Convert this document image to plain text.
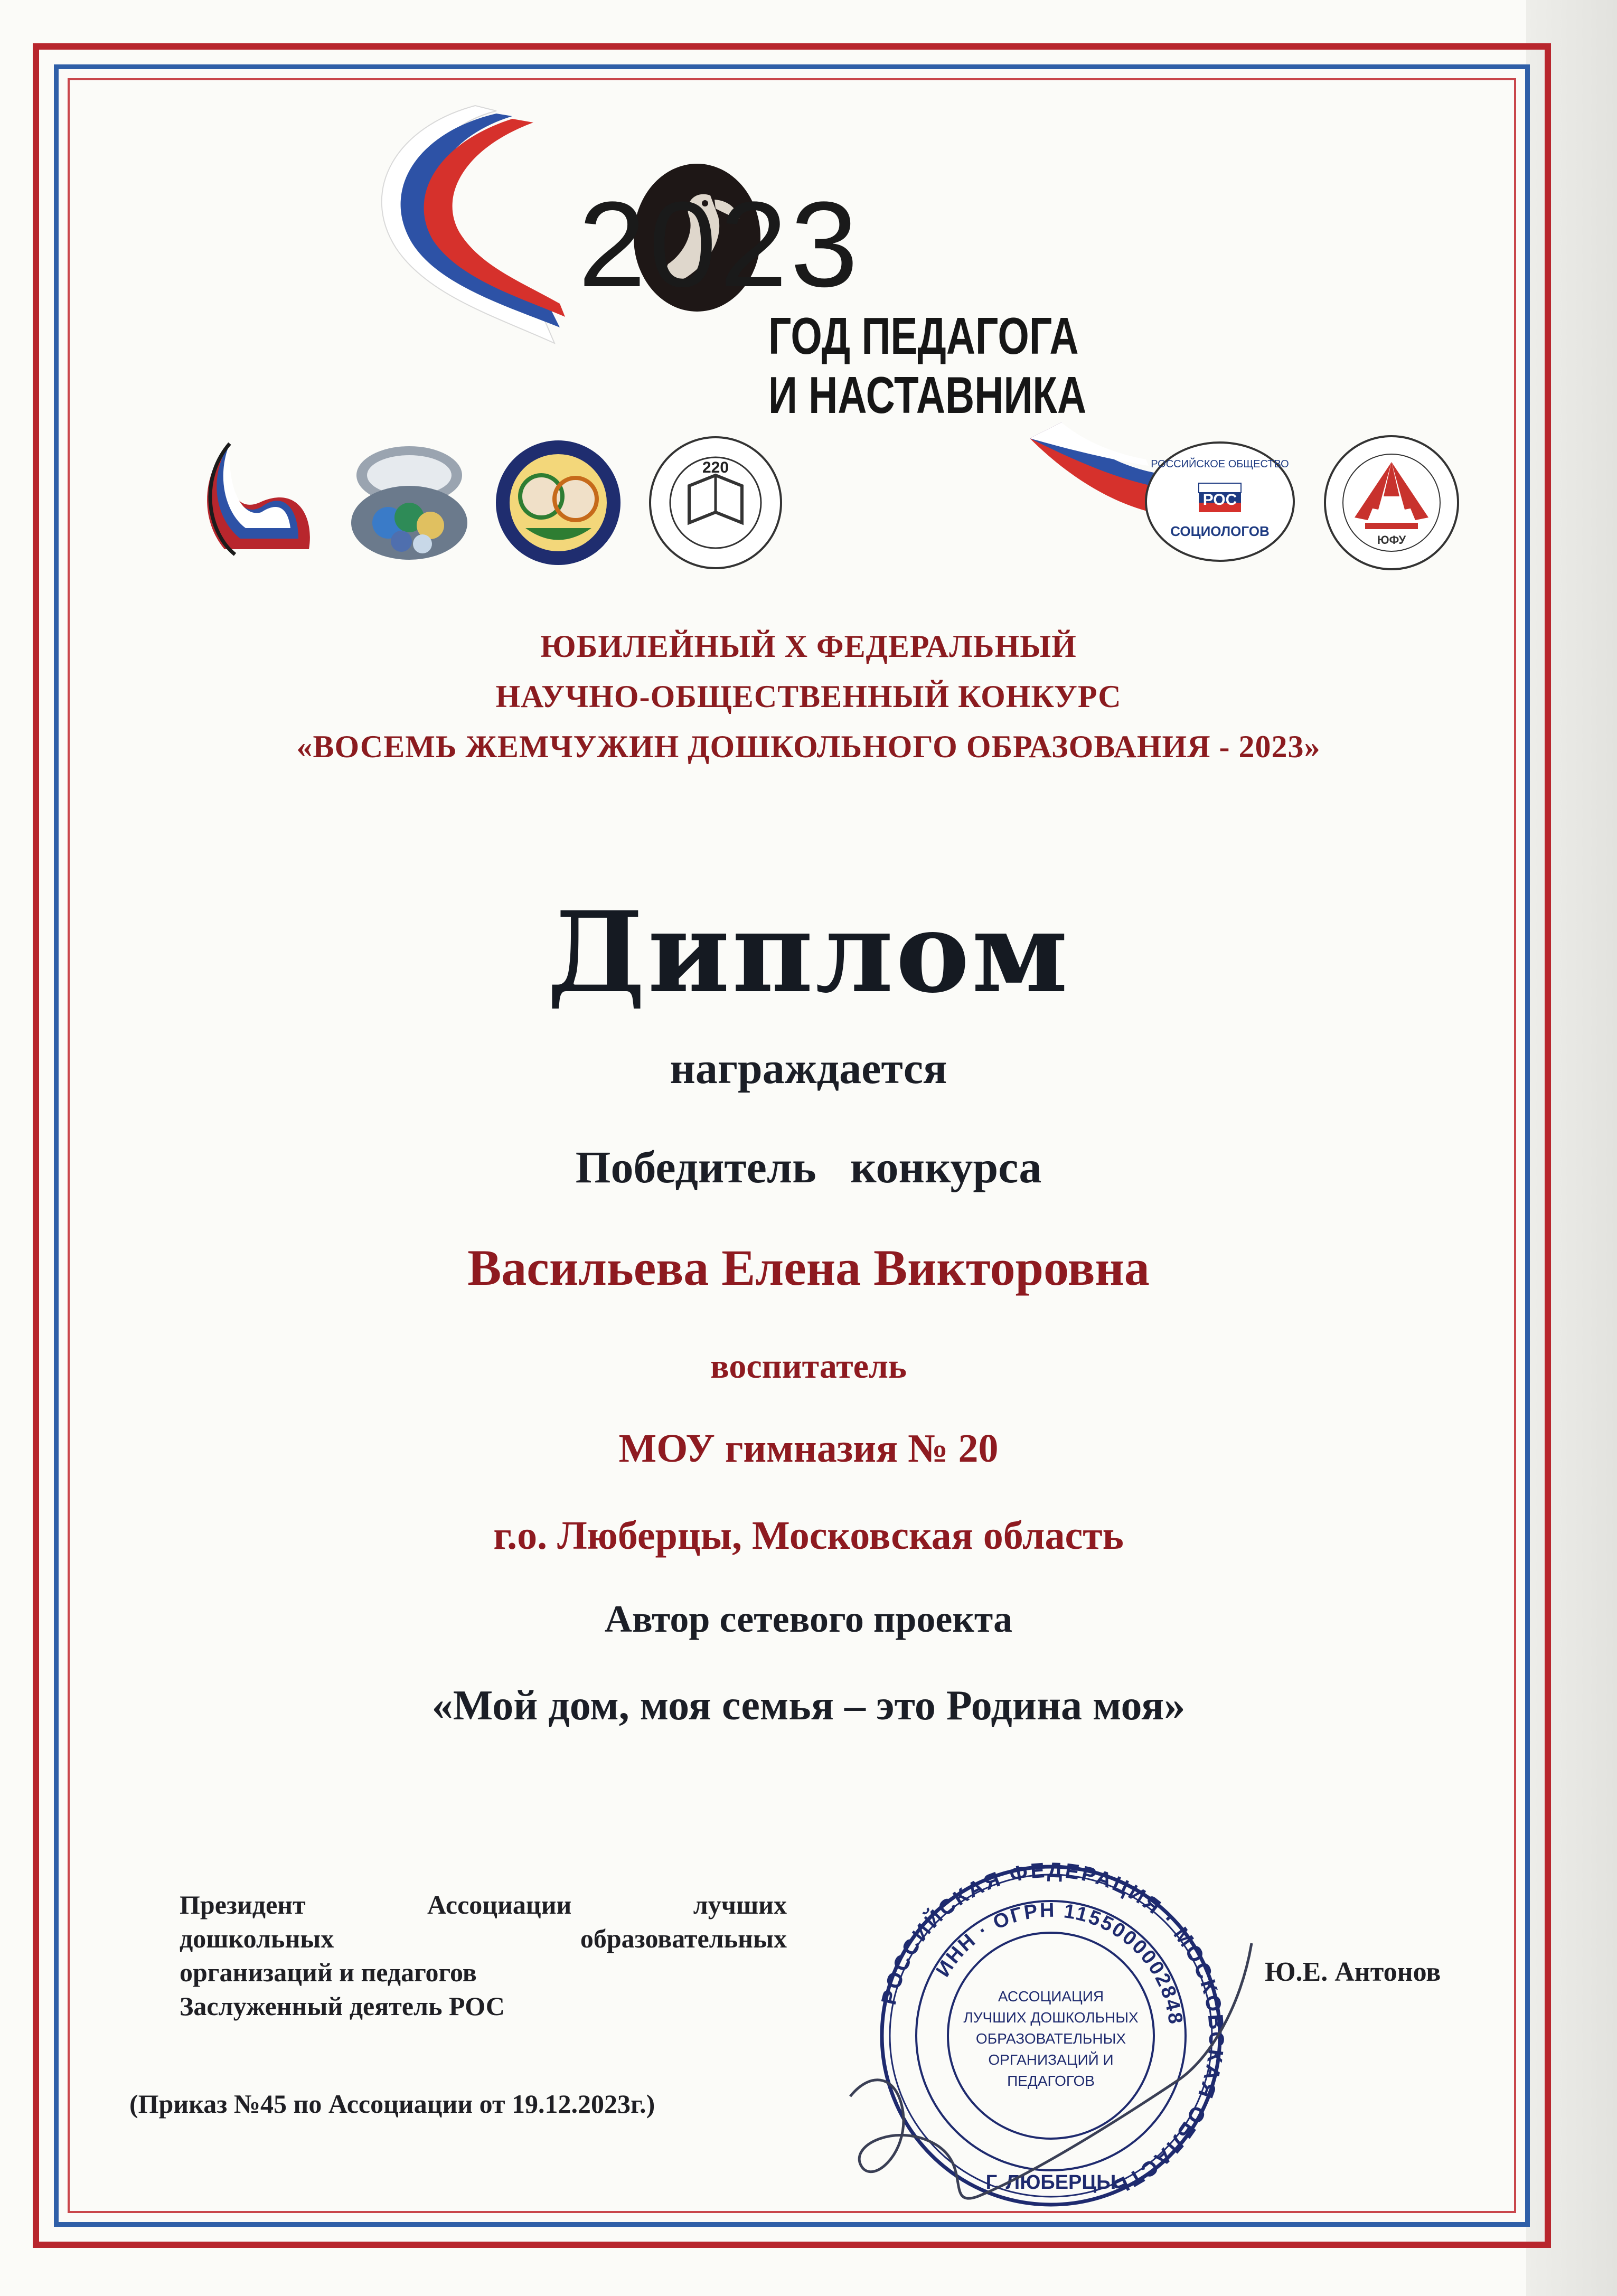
2023
ГОД ПЕДАГОГА
И НАСТАВНИКА
220	РОССИЙСКОЕ ОБЩЕСТВО
РОС
СОЦИОЛОГОВ
ЮФУ
ЮБИЛЕЙНЫЙ X ФЕДЕРАЛЬНЫЙ
НАУЧНО-ОБЩЕСТВЕННЫЙ КОНКУРС
«ВОСЕМЬ ЖЕМЧУЖИН ДОШКОЛЬНОГО ОБРАЗОВАНИЯ - 2023»
Диплом
награждается
Победитель   конкурса
Васильева Елена Викторовна
воспитатель
МОУ гимназия № 20
г.о. Люберцы, Московская область
Автор сетевого проекта
«Мой дом, моя семья – это Родина моя»
Президент Ассоциации лучших
дошкольных образовательных
организаций и педагогов
Заслуженный деятель РОС
(Приказ №45 по Ассоциации от 19.12.2023г.)
Ю.Е. Антонов
РОССИЙСКАЯ ФЕДЕРАЦИЯ · МОСКОВСКАЯ ОБЛАСТЬ
ИНН · ОГРН 1155000002848
АССОЦИАЦИЯ
ЛУЧШИХ ДОШКОЛЬНЫХ
ОБРАЗОВАТЕЛЬНЫХ
ОРГАНИЗАЦИЙ И
ПЕДАГОГОВ
Г. ЛЮБЕРЦЫ
